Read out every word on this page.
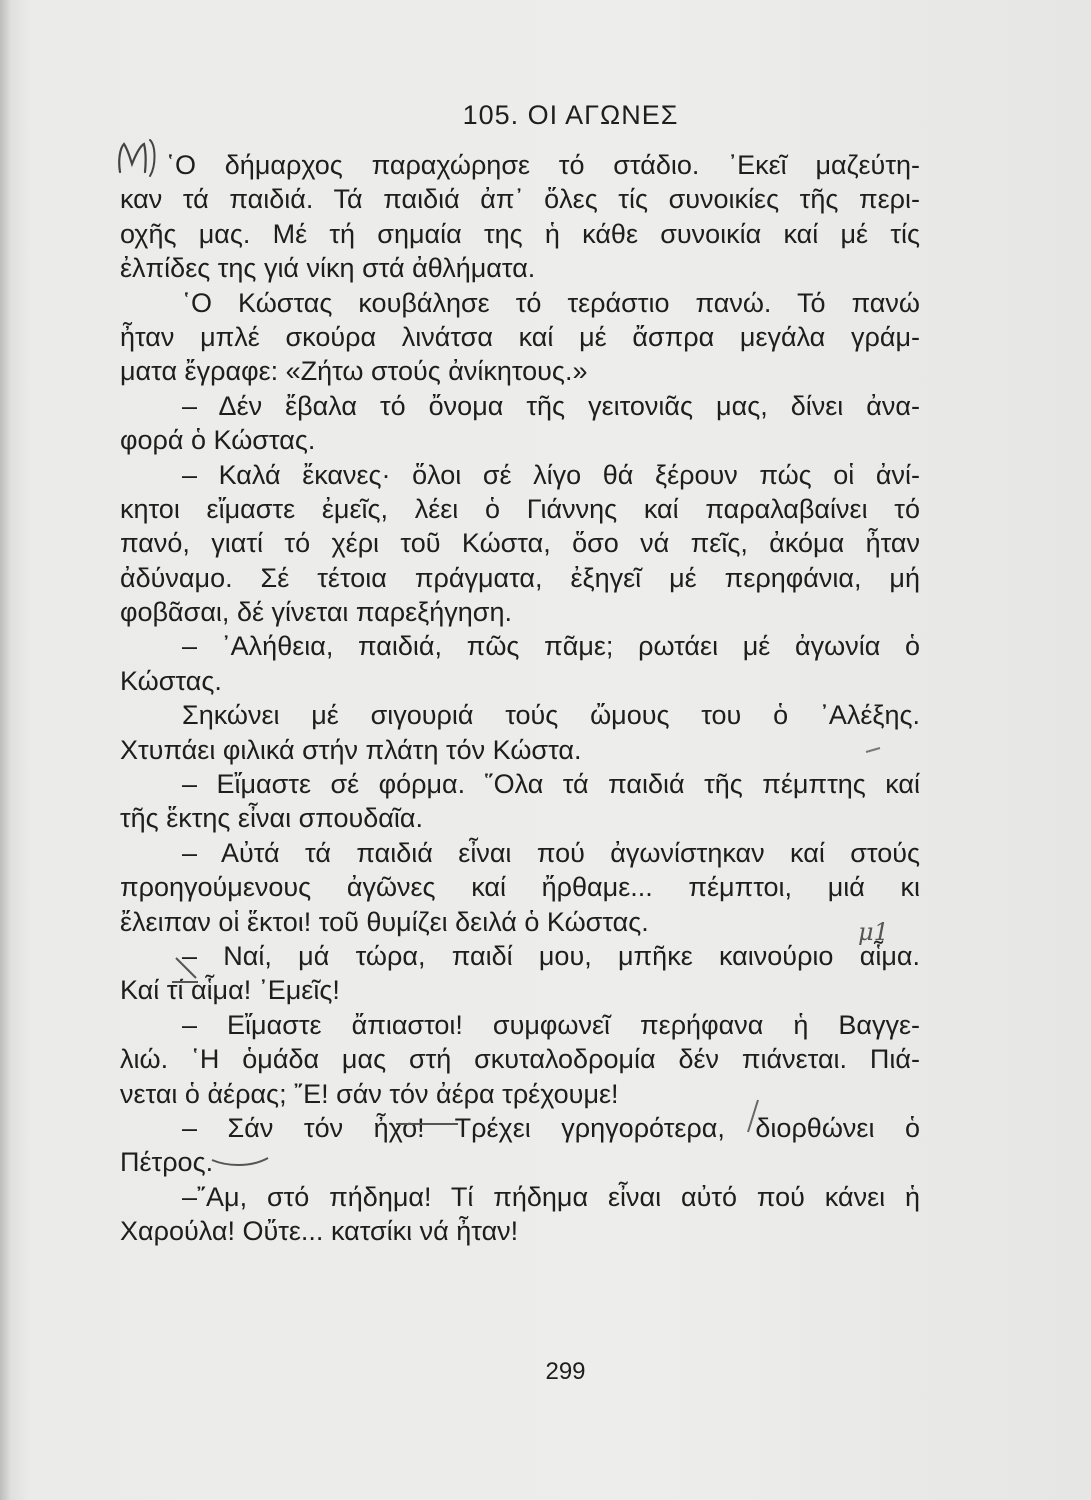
105. ΟΙ ΑΓΩΝΕΣ
῾Ο δήμαρχος παραχώρησε τό στάδιο. ᾿Εκεῖ μαζεύτη-
καν τά παιδιά. Τά παιδιά ἀπ᾿ ὅλες τίς συνοικίες τῆς περι-
οχῆς μας. Μέ τή σημαία της ἡ κάθε συνοικία καί μέ τίς
ἐλπίδες της γιά νίκη στά ἀθλήματα.
῾Ο Κώστας κουβάλησε τό τεράστιο πανώ. Τό πανώ
ἦταν μπλέ σκούρα λινάτσα καί μέ ἄσπρα μεγάλα γράμ-
ματα ἔγραφε: «Ζήτω στούς ἀνίκητους.»
– Δέν ἔβαλα τό ὄνομα τῆς γειτονιᾶς μας, δίνει ἀνα-
φορά ὁ Κώστας.
– Καλά ἔκανες· ὅλοι σέ λίγο θά ξέρουν πώς οἱ ἀνί-
κητοι εἴμαστε ἐμεῖς, λέει ὁ Γιάννης καί παραλαβαίνει τό
πανό, γιατί τό χέρι τοῦ Κώστα, ὅσο νά πεῖς, ἀκόμα ἦταν
ἀδύναμο. Σέ τέτοια πράγματα, ἐξηγεῖ μέ περηφάνια, μή
φοβᾶσαι, δέ γίνεται παρεξήγηση.
– ᾿Αλήθεια, παιδιά, πῶς πᾶμε; ρωτάει μέ ἀγωνία ὁ
Κώστας.
Σηκώνει μέ σιγουριά τούς ὤμους του ὁ ᾿Αλέξης.
Χτυπάει φιλικά στήν πλάτη τόν Κώστα.
– Εἴμαστε σέ φόρμα. ῞Ολα τά παιδιά τῆς πέμπτης καί
τῆς ἕκτης εἶναι σπουδαῖα.
– Αὐτά τά παιδιά εἶναι πού ἀγωνίστηκαν καί στούς
προηγούμενους ἀγῶνες καί ἤρθαμε... πέμπτοι, μιά κι
ἔλειπαν οἱ ἕκτοι! τοῦ θυμίζει δειλά ὁ Κώστας.
– Ναί, μά τώρα, παιδί μου, μπῆκε καινούριο αἷμα.
Καί τί αἷμα! ᾿Εμεῖς!
– Εἴμαστε ἄπιαστοι! συμφωνεῖ περήφανα ἡ Βαγγε-
λιώ. ῾Η ὁμάδα μας στή σκυταλοδρομία δέν πιάνεται. Πιά-
νεται ὁ ἀέρας; ῎Ε! σάν τόν ἀέρα τρέχουμε!
– Σάν τόν ἦχο! Τρέχει γρηγορότερα, διορθώνει ὁ
Πέτρος.
–῎Αμ, στό πήδημα! Τί πήδημα εἶναι αὐτό πού κάνει ἡ
Χαρούλα! Οὔτε... κατσίκι νά ἦταν!
μ1
299
